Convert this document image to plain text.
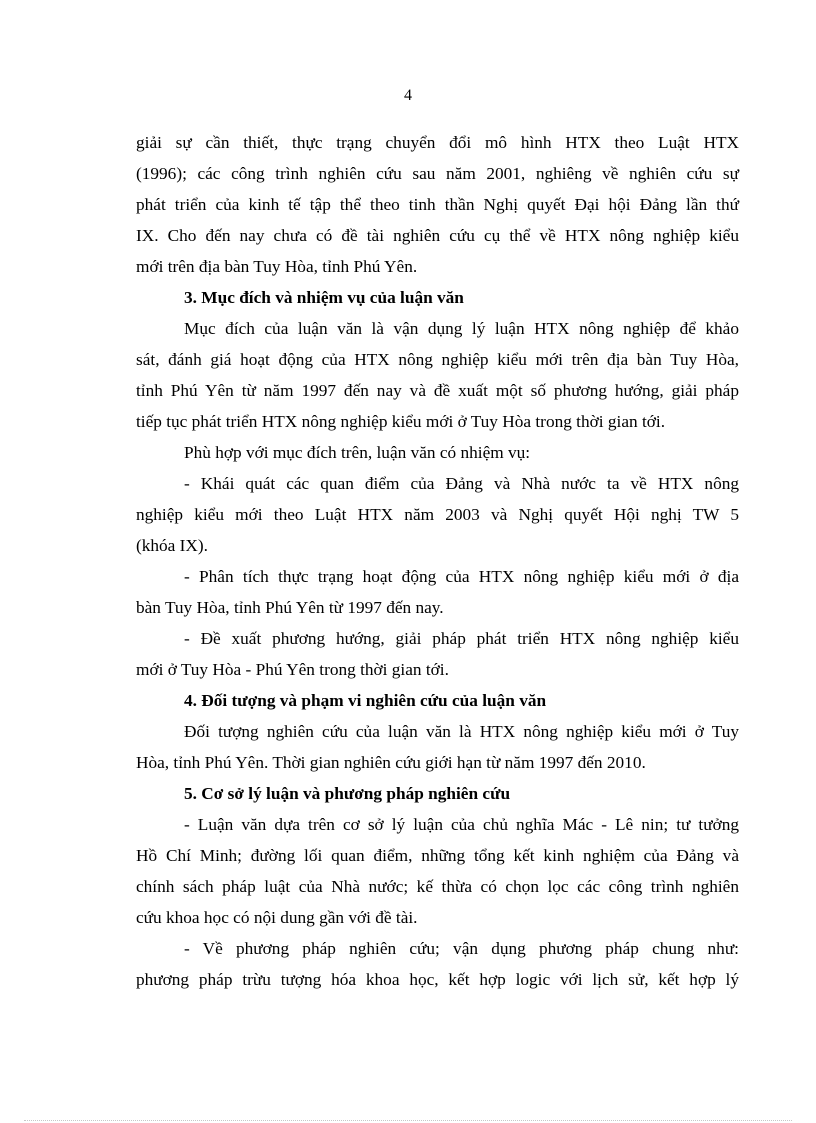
4

giải sự cần thiết, thực trạng chuyển đổi mô hình HTX theo Luật HTX

(1996); các công trình nghiên cứu sau năm 2001, nghiêng về nghiên cứu sự

phát triển của kinh tế tập thể theo tinh thần Nghị quyết Đại hội Đảng lần thứ

IX. Cho đến nay chưa có đề tài nghiên cứu cụ thể về HTX nông nghiệp kiểu

mới trên địa bàn Tuy Hòa, tỉnh Phú Yên.

3. Mục đích và nhiệm vụ của luận văn

Mục đích của luận văn là vận dụng lý luận HTX nông nghiệp để khảo

sát, đánh giá hoạt động của HTX nông nghiệp kiểu mới trên địa bàn Tuy Hòa,

tỉnh Phú Yên từ năm 1997 đến nay và đề xuất một số phương hướng, giải pháp

tiếp tục phát triển HTX nông nghiệp kiểu mới ở Tuy Hòa trong thời gian tới.

Phù hợp với mục đích trên, luận văn có nhiệm vụ:

- Khái quát các quan điểm của Đảng và Nhà nước ta về HTX nông

nghiệp kiểu mới theo Luật HTX năm 2003 và Nghị quyết Hội nghị TW 5

(khóa IX).

- Phân tích thực trạng hoạt động của HTX nông nghiệp kiểu mới ở địa

bàn Tuy Hòa, tỉnh Phú Yên từ 1997 đến nay.

- Đề xuất phương hướng, giải pháp phát triển HTX nông nghiệp kiểu

mới ở Tuy Hòa - Phú Yên trong thời gian tới.

4. Đối tượng và phạm vi nghiên cứu của luận văn

Đối tượng nghiên cứu của luận văn là HTX nông nghiệp kiểu mới ở Tuy

Hòa, tỉnh Phú Yên. Thời gian nghiên cứu giới hạn từ năm 1997 đến 2010.

5. Cơ sở lý luận và phương pháp nghiên cứu

- Luận văn dựa trên cơ sở lý luận của chủ nghĩa Mác - Lê nin; tư tưởng

Hồ Chí Minh; đường lối quan điểm, những tổng kết kinh nghiệm của Đảng và

chính sách pháp luật của Nhà nước; kế thừa có chọn lọc các công trình nghiên

cứu khoa học có nội dung gần với đề tài.

- Về phương pháp nghiên cứu; vận dụng phương pháp chung như:

phương pháp trừu tượng hóa khoa học, kết hợp logic với lịch sử, kết hợp lý
